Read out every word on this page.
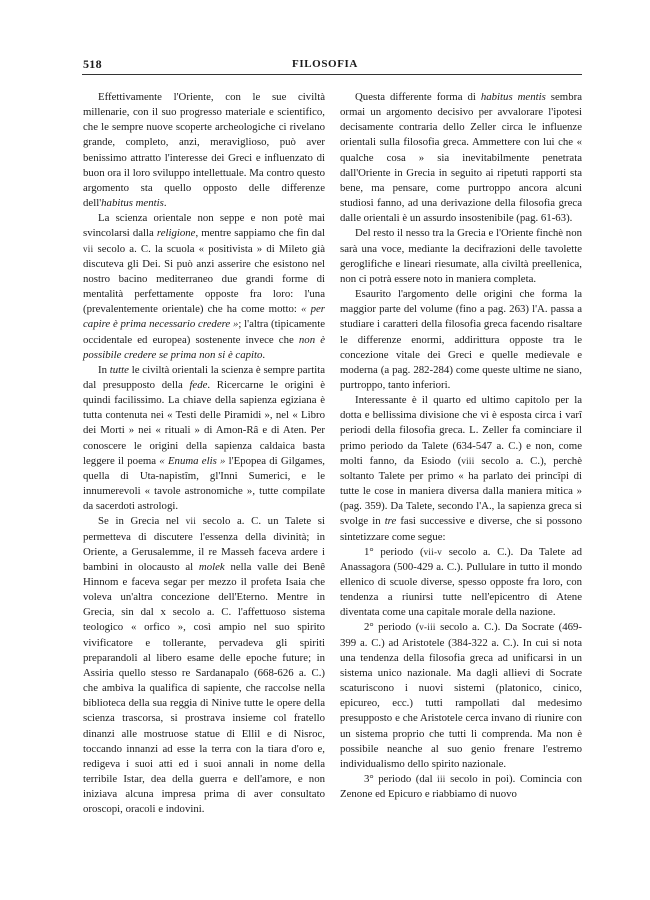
518	FILOSOFIA

Effettivamente l'Oriente, con le sue civiltà millenarie, con il suo progresso materiale e scientifico, che le sempre nuove scoperte archeologiche ci rivelano grande, completo, anzi, meraviglioso, può aver benissimo attratto l'interesse dei Greci e influenzato di buon ora il loro sviluppo intellettuale. Ma contro questo argomento sta quello opposto delle differenze dell'habitus mentis.

La scienza orientale non seppe e non potè mai svincolarsi dalla religione, mentre sappiamo che fin dal vii secolo a. C. la scuola « positivista » di Mileto già discuteva gli Dei. Si può anzi asserire che esistono nel nostro bacino mediterraneo due grandi forme di mentalità perfettamente opposte fra loro: l'una (prevalentemente orientale) che ha come motto: « per capire è prima necessario credere »; l'altra (tipicamente occidentale ed europea) sostenente invece che non è possibile credere se prima non si è capito.

In tutte le civiltà orientali la scienza è sempre partita dal presupposto della fede. Ricercarne le origini è quindi facilissimo. La chiave della sapienza egiziana è tutta contenuta nei « Testi delle Piramidi », nel « Libro dei Morti » nei « rituali » di Amon-Râ e di Aten. Per conoscere le origini della sapienza caldaica basta leggere il poema « Enuma elis » l'Epopea di Gilgames, quella di Uta-napistîm, gl'Inni Sumerici, e le innumerevoli « tavole astronomiche », tutte compilate da sacerdoti astrologi.

Se in Grecia nel vii secolo a. C. un Talete si permetteva di discutere l'essenza della divinità; in Oriente, a Gerusalemme, il re Masseh faceva ardere i bambini in olocausto al molek nella valle dei Benê Hinnom e faceva segar per mezzo il profeta Isaia che voleva un'altra concezione dell'Eterno. Mentre in Grecia, sin dal x secolo a. C. l'affettuoso sistema teologico « orfico », così ampio nel suo spirito vivificatore e tollerante, pervadeva gli spiriti preparandoli al libero esame delle epoche future; in Assiria quello stesso re Sardanapalo (668-626 a. C.) che ambiva la qualifica di sapiente, che raccolse nella biblioteca della sua reggia di Ninive tutte le opere della scienza trascorsa, si prostrava insieme col fratello dinanzi alle mostruose statue di Ellil e di Nisroc, toccando innanzi ad esse la terra con la tiara d'oro e, redigeva i suoi atti ed i suoi annali in nome della terribile Istar, dea della guerra e dell'amore, e non iniziava alcuna impresa prima di aver consultato oroscopi, oracoli e indovini.

Questa differente forma di habitus mentis sembra ormai un argomento decisivo per avvalorare l'ipotesi decisamente contraria dello Zeller circa le influenze orientali sulla filosofia greca. Ammettere con lui che « qualche cosa » sia inevitabilmente penetrata dall'Oriente in Grecia in seguito ai ripetuti rapporti sta bene, ma pensare, come purtroppo ancora alcuni studiosi fanno, ad una derivazione della filosofia greca dalle orientali è un assurdo insostenibile (pag. 61-63).

Del resto il nesso tra la Grecia e l'Oriente finchè non sarà una voce, mediante la decifrazioni delle tavolette geroglifiche e lineari riesumate, alla civiltà preellenica, non ci potrà essere noto in maniera completa.

Esaurito l'argomento delle origini che forma la maggior parte del volume (fino a pag. 263) l'A. passa a studiare i caratteri della filosofia greca facendo risaltare le differenze enormi, addirittura opposte tra le concezione vitale dei Greci e quelle medievale e moderna (a pag. 282-284) come queste ultime ne siano, purtroppo, tanto inferiori.

Interessante è il quarto ed ultimo capitolo per la dotta e bellissima divisione che vi è esposta circa i varî periodi della filosofia greca. L. Zeller fa cominciare il primo periodo da Talete (634-547 a. C.) e non, come molti fanno, da Esiodo (viii secolo a. C.), perchè soltanto Talete per primo « ha parlato dei princîpi di tutte le cose in maniera diversa dalla maniera mitica » (pag. 359). Da Talete, secondo l'A., la sapienza greca si svolge in tre fasi successive e diverse, che si possono sintetizzare come segue:

1° periodo (vii-v secolo a. C.). Da Talete ad Anassagora (500-429 a. C.). Pullulare in tutto il mondo ellenico di scuole diverse, spesso opposte fra loro, con tendenza a riunirsi tutte nell'epicentro di Atene diventata come una capitale morale della nazione.

2° periodo (v-iii secolo a. C.). Da Socrate (469-399 a. C.) ad Aristotele (384-322 a. C.). In cui si nota una tendenza della filosofia greca ad unificarsi in un sistema unico nazionale. Ma dagli allievi di Socrate scaturiscono i nuovi sistemi (platonico, cinico, epicureo, ecc.) tutti rampollati dal medesimo presupposto e che Aristotele cerca invano di riunire con un sistema proprio che tutti li comprenda. Ma non è possibile neanche al suo genio frenare l'estremo individualismo dello spirito nazionale.

3° periodo (dal iii secolo in poi). Comincia con Zenone ed Epicuro e riabbiamo di nuovo
